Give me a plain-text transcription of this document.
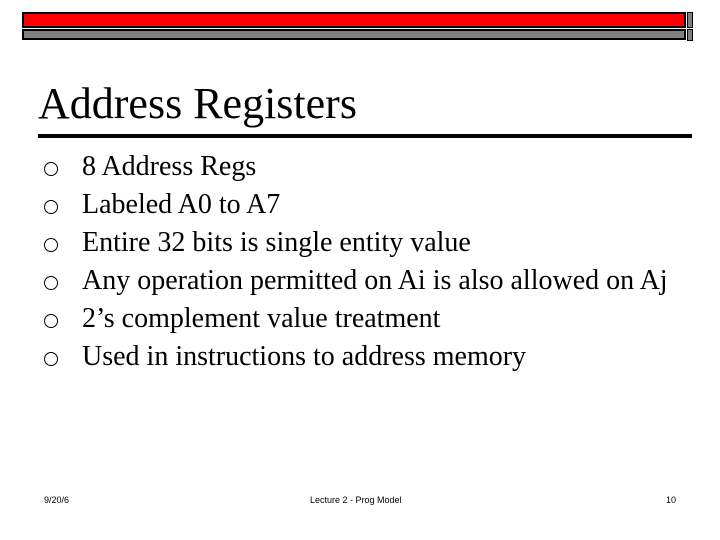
Address Registers
8 Address Regs
Labeled A0 to A7
Entire 32 bits is single entity value
Any operation permitted on Ai is also allowed on Aj
2’s complement value treatment
Used in instructions to address memory
9/20/6	Lecture 2 - Prog Model	10
